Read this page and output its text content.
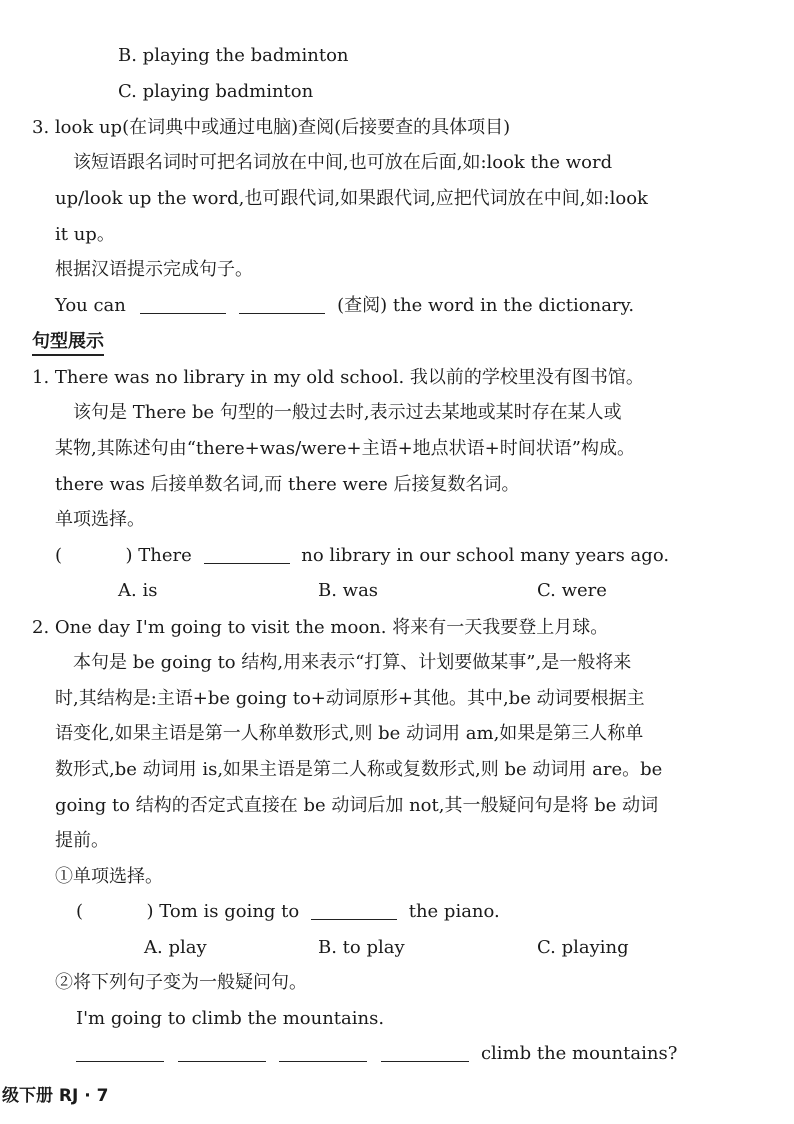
B. playing the badminton
C. playing badminton
3. look up(在词典中或通过电脑)查阅(后接要查的具体项目)
该短语跟名词时可把名词放在中间,也可放在后面,如:look the word
up/look up the word,也可跟代词,如果跟代词,应把代词放在中间,如:look
it up。
根据汉语提示完成句子。
You can	(查阅) the word in the dictionary.
句型展示
1. There was no library in my old school. 我以前的学校里没有图书馆。
该句是 There be 句型的一般过去时,表示过去某地或某时存在某人或
某物,其陈述句由“there+was/were+主语+地点状语+时间状语”构成。
there was 后接单数名词,而 there were 后接复数名词。
单项选择。
(	) There	no library in our school many years ago.
A. is	B. was	C. were
2. One day I'm going to visit the moon. 将来有一天我要登上月球。
本句是 be going to 结构,用来表示“打算、计划要做某事”,是一般将来
时,其结构是:主语+be going to+动词原形+其他。其中,be 动词要根据主
语变化,如果主语是第一人称单数形式,则 be 动词用 am,如果是第三人称单
数形式,be 动词用 is,如果主语是第二人称或复数形式,则 be 动词用 are。be
going to 结构的否定式直接在 be 动词后加 not,其一般疑问句是将 be 动词
提前。
①单项选择。
(	) Tom is going to	the piano.
A. play	B. to play	C. playing
②将下列句子变为一般疑问句。
I'm going to climb the mountains.
climb the mountains?
级下册 RJ · 7
